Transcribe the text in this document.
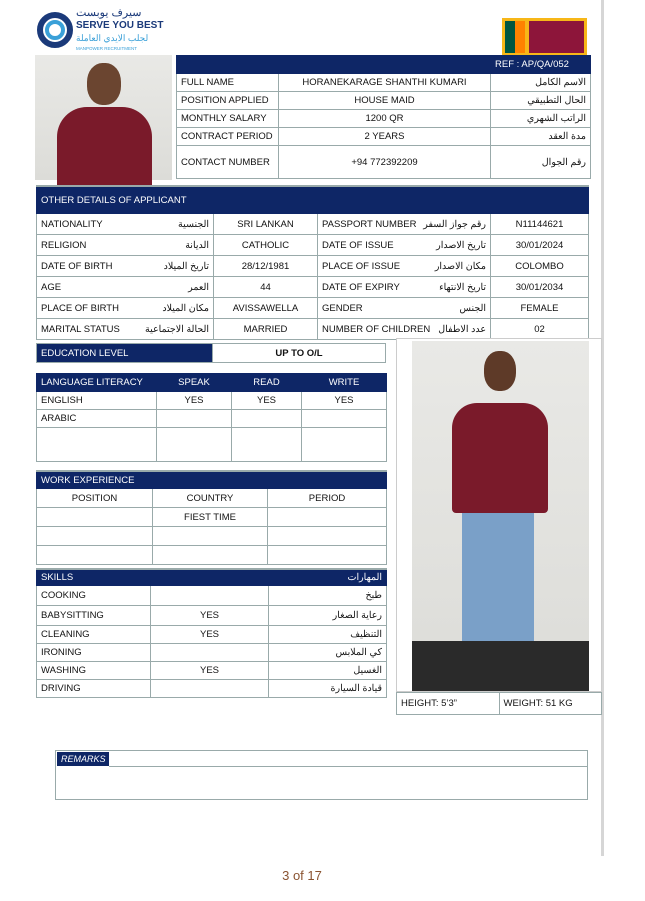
سيرف يوبست
SERVE YOU BEST
لجلب الايدي العاملة
MANPOWER RECRUITMENT
		REF : AP/QA/052
FULL NAME	HORANEKARAGE SHANTHI KUMARI	الاسم الكامل
POSITION APPLIED	HOUSE MAID	الحال التطبيقي
MONTHLY SALARY	1200 QR	الراتب الشهري
CONTRACT PERIOD	2 YEARS	مدة العقد
CONTACT NUMBER	+94 772392209	رقم الجوال

OTHER DETAILS OF APPLICANT					
NATIONALITY	الجنسية	SRI LANKAN	PASSPORT NUMBER	رقم جواز السفر	N11144621
RELIGION	الديانة	CATHOLIC	DATE OF ISSUE	تاريخ الاصدار	30/01/2024
DATE OF BIRTH	تاريخ الميلاد	28/12/1981	PLACE OF ISSUE	مكان الاصدار	COLOMBO
AGE	العمر	44	DATE OF EXPIRY	تاريخ الانتهاء	30/01/2034
PLACE OF BIRTH	مكان الميلاد	AVISSAWELLA	GENDER	الجنس	FEMALE
MARITAL STATUS	الحالة الاجتماعية	MARRIED	NUMBER OF CHILDREN	عدد الاطفال	02
EDUCATION LEVEL	UP TO O/L
LANGUAGE LITERACY	SPEAK	READ	WRITE
ENGLISH	YES	YES	YES
ARABIC			

WORK EXPERIENCE		
POSITION	COUNTRY	PERIOD
	FIEST TIME	

SKILLS		المهارات
COOKING		طبخ
BABYSITTING	YES	رعاية الصغار
CLEANING	YES	التنظيف
IRONING		كي الملابس
WASHING	YES	الغسيل
DRIVING		قيادة السيارة
HEIGHT: 5’3”	WEIGHT: 51 KG
REMARKS
3 of 17
